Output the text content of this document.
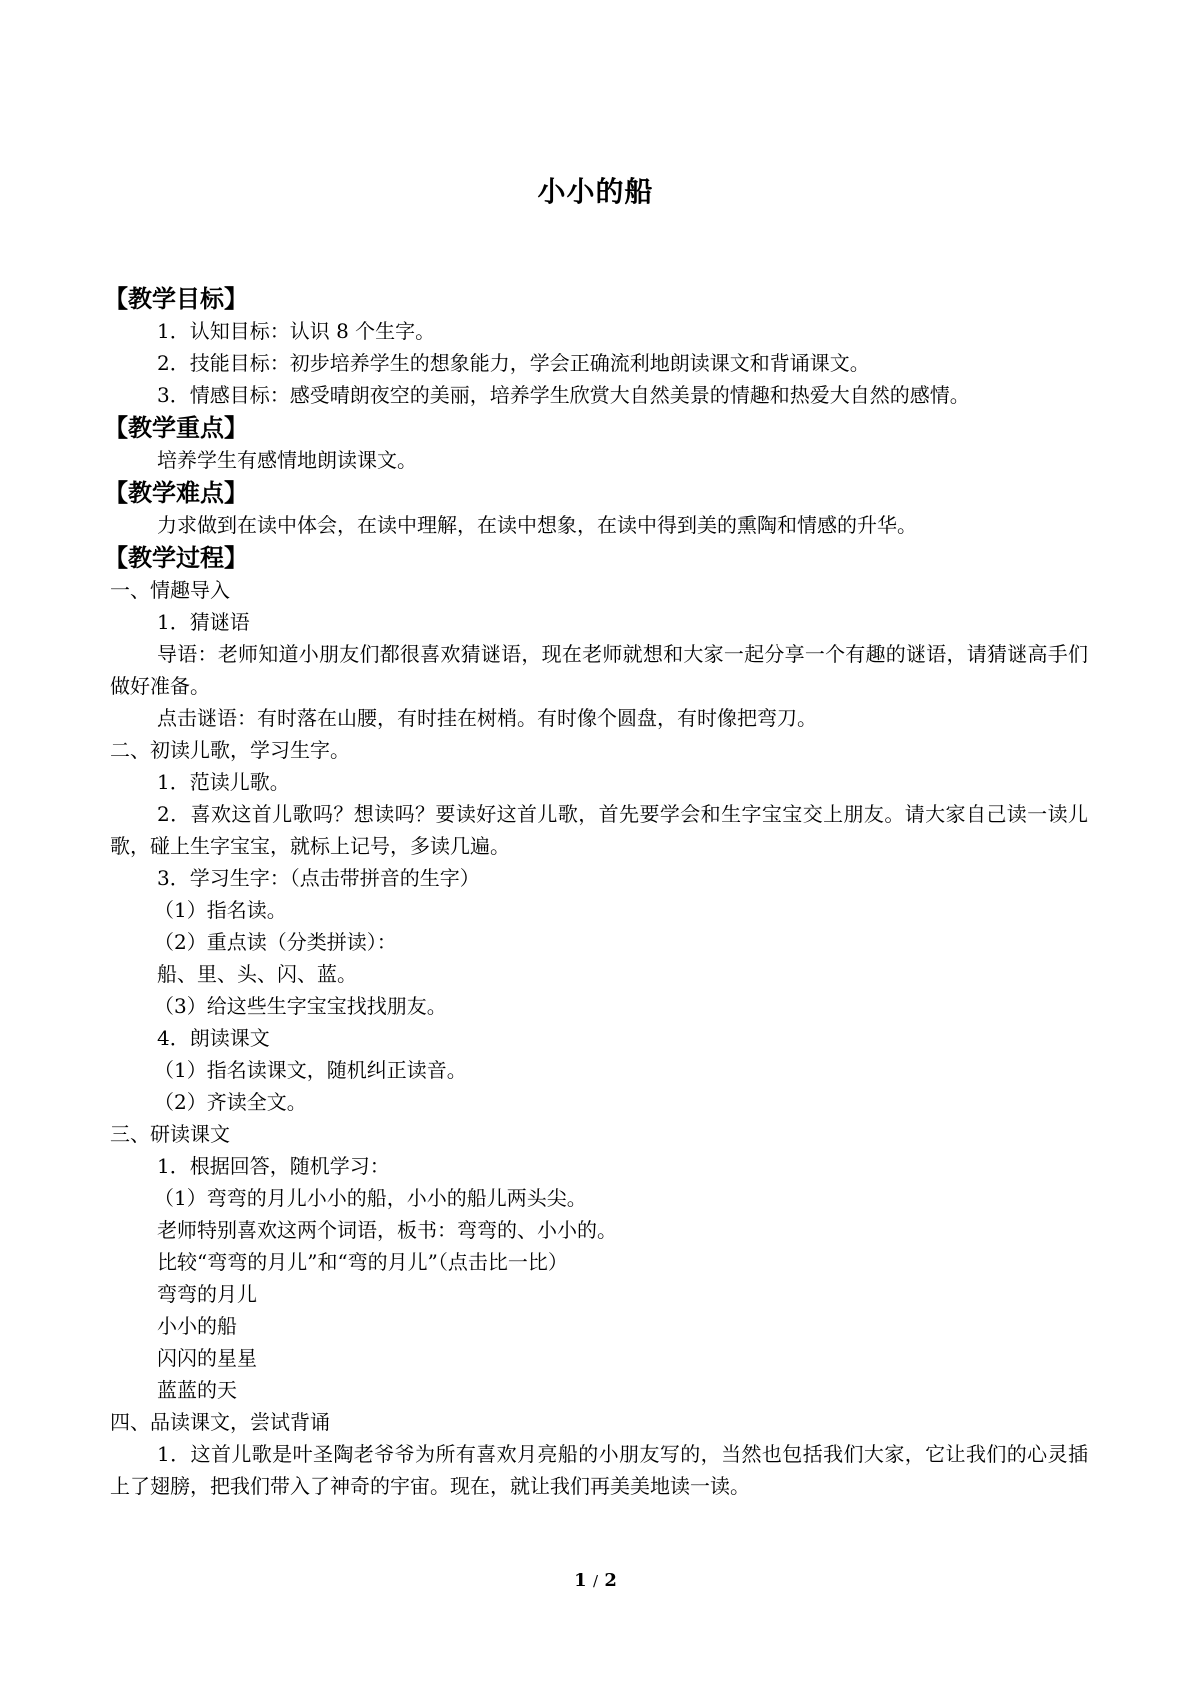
小小的船
【教学目标】
1．认知目标：认识 8 个生字。
2．技能目标：初步培养学生的想象能力，学会正确流利地朗读课文和背诵课文。
3．情感目标：感受晴朗夜空的美丽，培养学生欣赏大自然美景的情趣和热爱大自然的感情。
【教学重点】
培养学生有感情地朗读课文。
【教学难点】
力求做到在读中体会，在读中理解，在读中想象，在读中得到美的熏陶和情感的升华。
【教学过程】
一、情趣导入
1．猜谜语
导语：老师知道小朋友们都很喜欢猜谜语，现在老师就想和大家一起分享一个有趣的谜语，请猜谜高手们做好准备。
点击谜语：有时落在山腰，有时挂在树梢。有时像个圆盘，有时像把弯刀。
二、初读儿歌，学习生字。
1．范读儿歌。
2．喜欢这首儿歌吗？想读吗？要读好这首儿歌，首先要学会和生字宝宝交上朋友。请大家自己读一读儿歌，碰上生字宝宝，就标上记号，多读几遍。
3．学习生字：（点击带拼音的生字）
（1）指名读。
（2）重点读（分类拼读）：
船、里、头、闪、蓝。
（3）给这些生字宝宝找找朋友。
4．朗读课文
（1）指名读课文，随机纠正读音。
（2）齐读全文。
三、研读课文
1．根据回答，随机学习：
（1）弯弯的月儿小小的船，小小的船儿两头尖。
老师特别喜欢这两个词语，板书：弯弯的、小小的。
比较“弯弯的月儿”和“弯的月儿”（点击比一比）
弯弯的月儿
小小的船
闪闪的星星
蓝蓝的天
四、品读课文，尝试背诵
1．这首儿歌是叶圣陶老爷爷为所有喜欢月亮船的小朋友写的，当然也包括我们大家，它让我们的心灵插上了翅膀，把我们带入了神奇的宇宙。现在，就让我们再美美地读一读。
1 / 2
